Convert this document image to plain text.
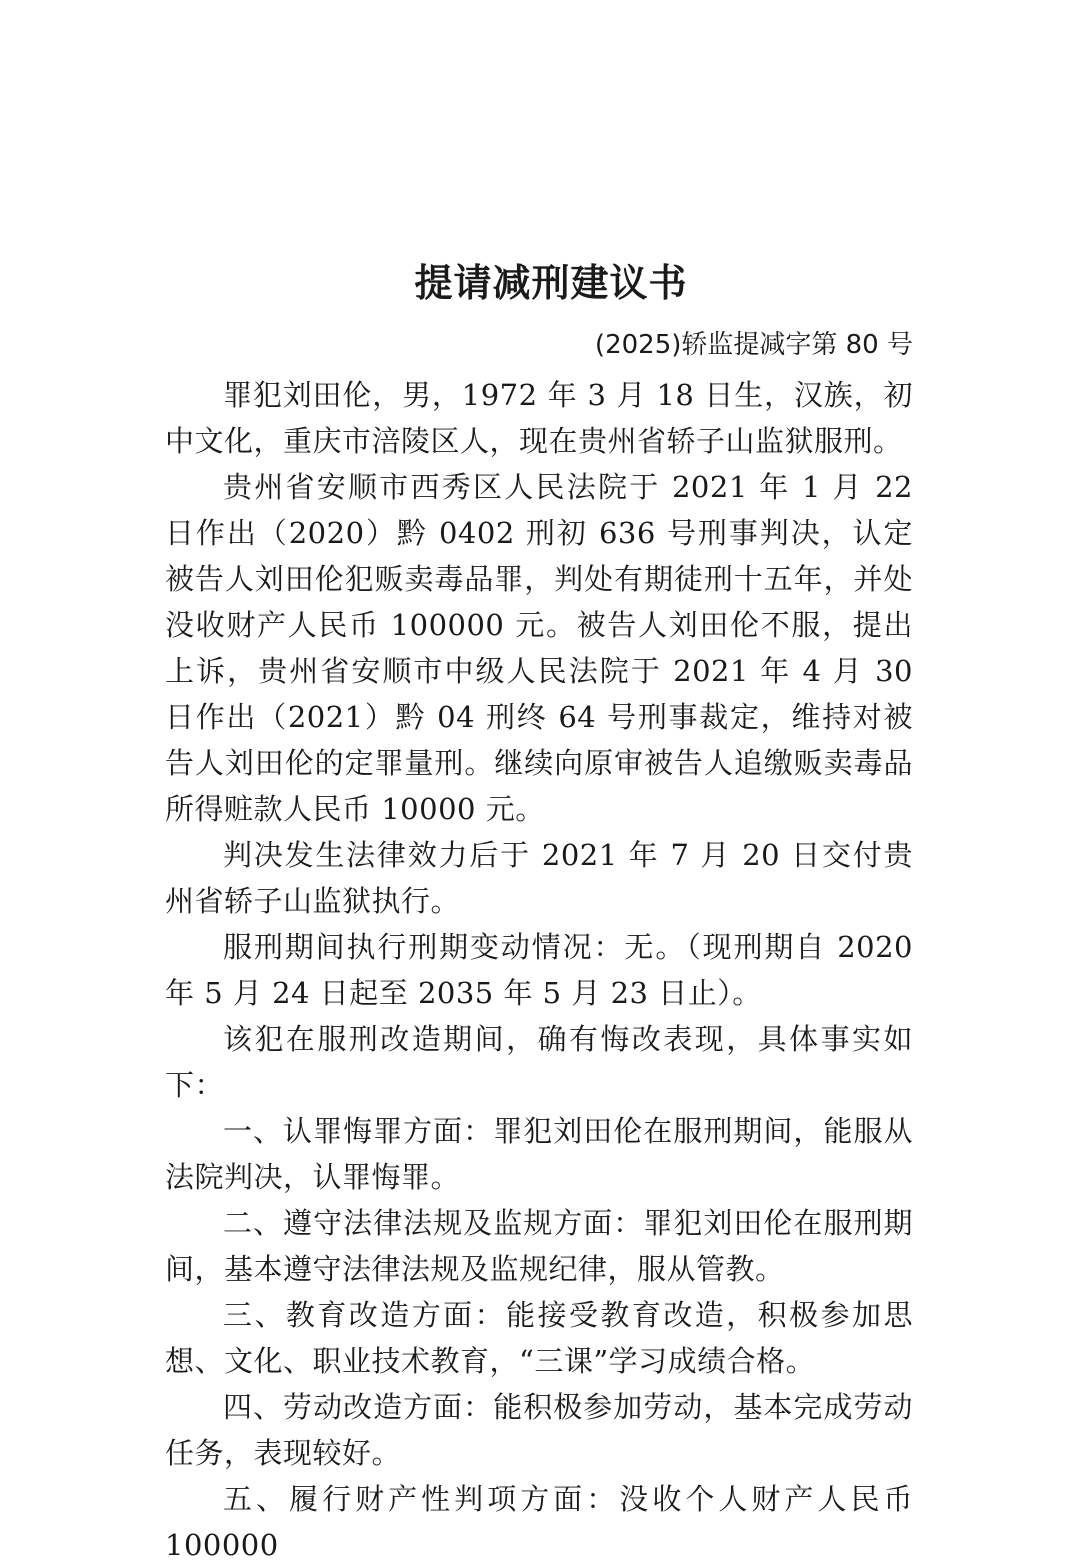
提请减刑建议书
(2025)轿监提减字第 80 号

罪犯刘田伦，男，1972 年 3 月 18 日生，汉族，初中文化，重庆市涪陵区人，现在贵州省轿子山监狱服刑。

贵州省安顺市西秀区人民法院于 2021 年 1 月 22 日作出（2020）黔 0402 刑初 636 号刑事判决，认定被告人刘田伦犯贩卖毒品罪，判处有期徒刑十五年，并处没收财产人民币 100000 元。被告人刘田伦不服，提出上诉，贵州省安顺市中级人民法院于 2021 年 4 月 30 日作出（2021）黔 04 刑终 64 号刑事裁定，维持对被告人刘田伦的定罪量刑。继续向原审被告人追缴贩卖毒品所得赃款人民币 10000 元。

判决发生法律效力后于 2021 年 7 月 20 日交付贵州省轿子山监狱执行。

服刑期间执行刑期变动情况：无。（现刑期自 2020 年 5 月 24 日起至 2035 年 5 月 23 日止）。

该犯在服刑改造期间，确有悔改表现，具体事实如下：

一、认罪悔罪方面：罪犯刘田伦在服刑期间，能服从法院判决，认罪悔罪。

二、遵守法律法规及监规方面：罪犯刘田伦在服刑期间，基本遵守法律法规及监规纪律，服从管教。

三、教育改造方面：能接受教育改造，积极参加思想、文化、职业技术教育，“三课”学习成绩合格。

四、劳动改造方面：能积极参加劳动，基本完成劳动任务，表现较好。

五、履行财产性判项方面：没收个人财产人民币 100000
